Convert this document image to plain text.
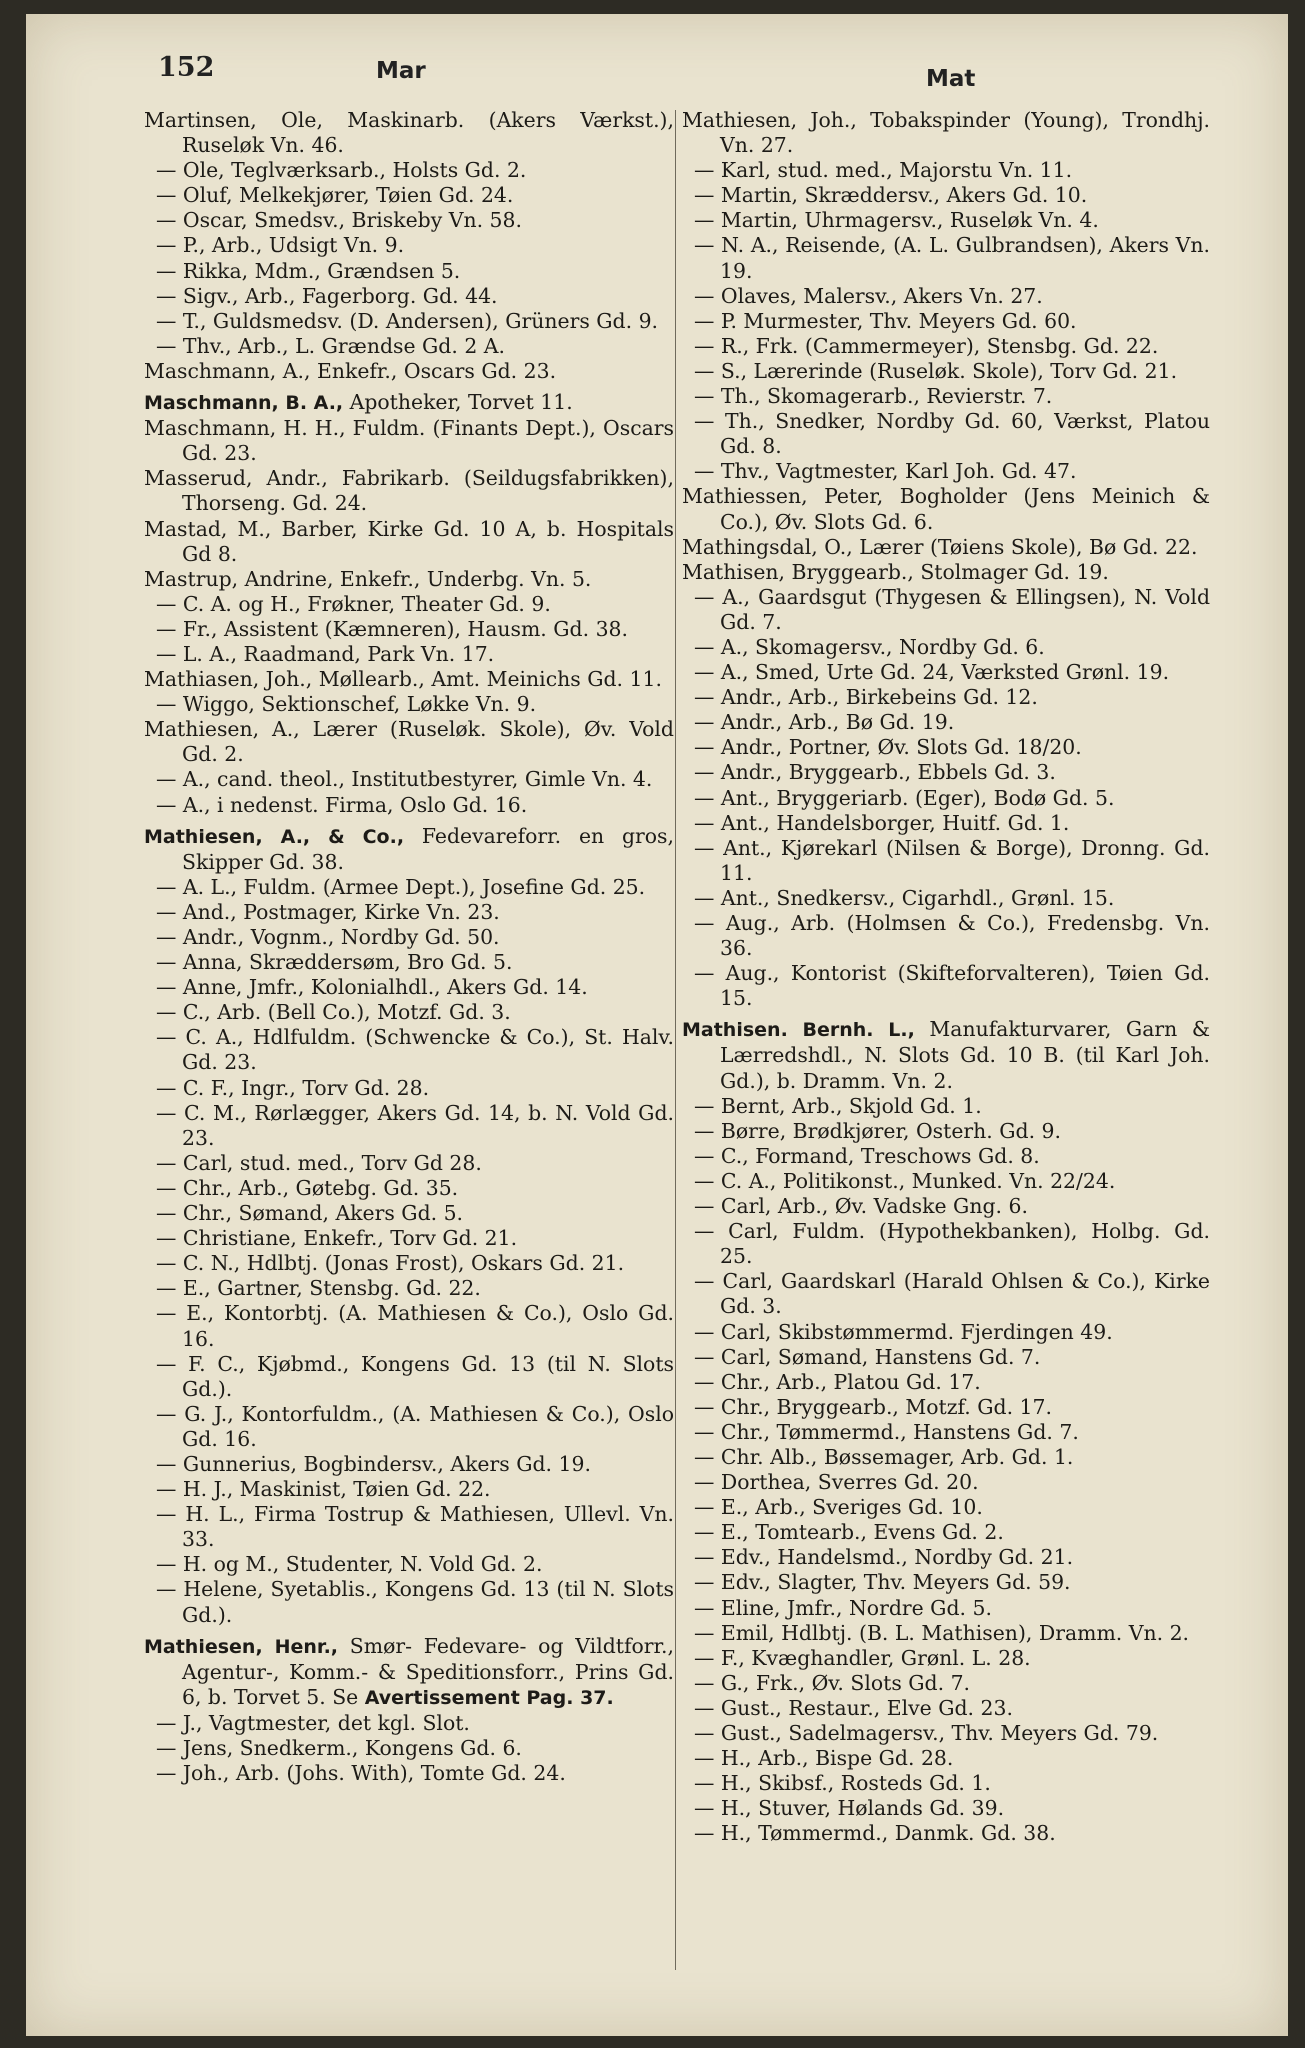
152	Mar	Mat
Martinsen, Ole, Maskinarb. (Akers Værkst.), Ruseløk Vn. 46.
— Ole, Teglværksarb., Holsts Gd. 2.
— Oluf, Melkekjører, Tøien Gd. 24.
— Oscar, Smedsv., Briskeby Vn. 58.
— P., Arb., Udsigt Vn. 9.
— Rikka, Mdm., Grændsen 5.
— Sigv., Arb., Fagerborg. Gd. 44.
— T., Guldsmedsv. (D. Andersen), Grüners Gd. 9.
— Thv., Arb., L. Grændse Gd. 2 A.
Maschmann, A., Enkefr., Oscars Gd. 23.
Maschmann, B. A., Apotheker, Torvet 11.
Maschmann, H. H., Fuldm. (Finants Dept.), Oscars Gd. 23.
Masserud, Andr., Fabrikarb. (Seildugsfabrikken), Thorseng. Gd. 24.
Mastad, M., Barber, Kirke Gd. 10 A, b. Hospitals Gd 8.
Mastrup, Andrine, Enkefr., Underbg. Vn. 5.
— C. A. og H., Frøkner, Theater Gd. 9.
— Fr., Assistent (Kæmneren), Hausm. Gd. 38.
— L. A., Raadmand, Park Vn. 17.
Mathiasen, Joh., Møllearb., Amt. Meinichs Gd. 11.
— Wiggo, Sektionschef, Løkke Vn. 9.
Mathiesen, A., Lærer (Ruseløk. Skole), Øv. Vold Gd. 2.
— A., cand. theol., Institutbestyrer, Gimle Vn. 4.
— A., i nedenst. Firma, Oslo Gd. 16.
Mathiesen, A., & Co., Fedevareforr. en gros, Skipper Gd. 38.
— A. L., Fuldm. (Armee Dept.), Josefine Gd. 25.
— And., Postmager, Kirke Vn. 23.
— Andr., Vognm., Nordby Gd. 50.
— Anna, Skræddersøm, Bro Gd. 5.
— Anne, Jmfr., Kolonialhdl., Akers Gd. 14.
— C., Arb. (Bell Co.), Motzf. Gd. 3.
— C. A., Hdlfuldm. (Schwencke & Co.), St. Halv. Gd. 23.
— C. F., Ingr., Torv Gd. 28.
— C. M., Rørlægger, Akers Gd. 14, b. N. Vold Gd. 23.
— Carl, stud. med., Torv Gd 28.
— Chr., Arb., Gøtebg. Gd. 35.
— Chr., Sømand, Akers Gd. 5.
— Christiane, Enkefr., Torv Gd. 21.
— C. N., Hdlbtj. (Jonas Frost), Oskars Gd. 21.
— E., Gartner, Stensbg. Gd. 22.
— E., Kontorbtj. (A. Mathiesen & Co.), Oslo Gd. 16.
— F. C., Kjøbmd., Kongens Gd. 13 (til N. Slots Gd.).
— G. J., Kontorfuldm., (A. Mathiesen & Co.), Oslo Gd. 16.
— Gunnerius, Bogbindersv., Akers Gd. 19.
— H. J., Maskinist, Tøien Gd. 22.
— H. L., Firma Tostrup & Mathiesen, Ullevl. Vn. 33.
— H. og M., Studenter, N. Vold Gd. 2.
— Helene, Syetablis., Kongens Gd. 13 (til N. Slots Gd.).
Mathiesen, Henr., Smør- Fedevare- og Vildtforr., Agentur-, Komm.- & Speditionsforr., Prins Gd. 6, b. Torvet 5. Se Avertissement Pag. 37.
— J., Vagtmester, det kgl. Slot.
— Jens, Snedkerm., Kongens Gd. 6.
— Joh., Arb. (Johs. With), Tomte Gd. 24.
Mathiesen, Joh., Tobakspinder (Young), Trondhj. Vn. 27.
— Karl, stud. med., Majorstu Vn. 11.
— Martin, Skræddersv., Akers Gd. 10.
— Martin, Uhrmagersv., Ruseløk Vn. 4.
— N. A., Reisende, (A. L. Gulbrandsen), Akers Vn. 19.
— Olaves, Malersv., Akers Vn. 27.
— P. Murmester, Thv. Meyers Gd. 60.
— R., Frk. (Cammermeyer), Stensbg. Gd. 22.
— S., Lærerinde (Ruseløk. Skole), Torv Gd. 21.
— Th., Skomagerarb., Revierstr. 7.
— Th., Snedker, Nordby Gd. 60, Værkst, Platou Gd. 8.
— Thv., Vagtmester, Karl Joh. Gd. 47.
Mathiessen, Peter, Bogholder (Jens Meinich & Co.), Øv. Slots Gd. 6.
Mathingsdal, O., Lærer (Tøiens Skole), Bø Gd. 22.
Mathisen, Bryggearb., Stolmager Gd. 19.
— A., Gaardsgut (Thygesen & Ellingsen), N. Vold Gd. 7.
— A., Skomagersv., Nordby Gd. 6.
— A., Smed, Urte Gd. 24, Værksted Grønl. 19.
— Andr., Arb., Birkebeins Gd. 12.
— Andr., Arb., Bø Gd. 19.
— Andr., Portner, Øv. Slots Gd. 18/20.
— Andr., Bryggearb., Ebbels Gd. 3.
— Ant., Bryggeriarb. (Eger), Bodø Gd. 5.
— Ant., Handelsborger, Huitf. Gd. 1.
— Ant., Kjørekarl (Nilsen & Borge), Dronng. Gd. 11.
— Ant., Snedkersv., Cigarhdl., Grønl. 15.
— Aug., Arb. (Holmsen & Co.), Fredensbg. Vn. 36.
— Aug., Kontorist (Skifteforvalteren), Tøien Gd. 15.
Mathisen. Bernh. L., Manufakturvarer, Garn & Lærredshdl., N. Slots Gd. 10 B. (til Karl Joh. Gd.), b. Dramm. Vn. 2.
— Bernt, Arb., Skjold Gd. 1.
— Børre, Brødkjører, Osterh. Gd. 9.
— C., Formand, Treschows Gd. 8.
— C. A., Politikonst., Munked. Vn. 22/24.
— Carl, Arb., Øv. Vadske Gng. 6.
— Carl, Fuldm. (Hypothekbanken), Holbg. Gd. 25.
— Carl, Gaardskarl (Harald Ohlsen & Co.), Kirke Gd. 3.
— Carl, Skibstømmermd. Fjerdingen 49.
— Carl, Sømand, Hanstens Gd. 7.
— Chr., Arb., Platou Gd. 17.
— Chr., Bryggearb., Motzf. Gd. 17.
— Chr., Tømmermd., Hanstens Gd. 7.
— Chr. Alb., Bøssemager, Arb. Gd. 1.
— Dorthea, Sverres Gd. 20.
— E., Arb., Sveriges Gd. 10.
— E., Tomtearb., Evens Gd. 2.
— Edv., Handelsmd., Nordby Gd. 21.
— Edv., Slagter, Thv. Meyers Gd. 59.
— Eline, Jmfr., Nordre Gd. 5.
— Emil, Hdlbtj. (B. L. Mathisen), Dramm. Vn. 2.
— F., Kvæghandler, Grønl. L. 28.
— G., Frk., Øv. Slots Gd. 7.
— Gust., Restaur., Elve Gd. 23.
— Gust., Sadelmagersv., Thv. Meyers Gd. 79.
— H., Arb., Bispe Gd. 28.
— H., Skibsf., Rosteds Gd. 1.
— H., Stuver, Hølands Gd. 39.
— H., Tømmermd., Danmk. Gd. 38.
